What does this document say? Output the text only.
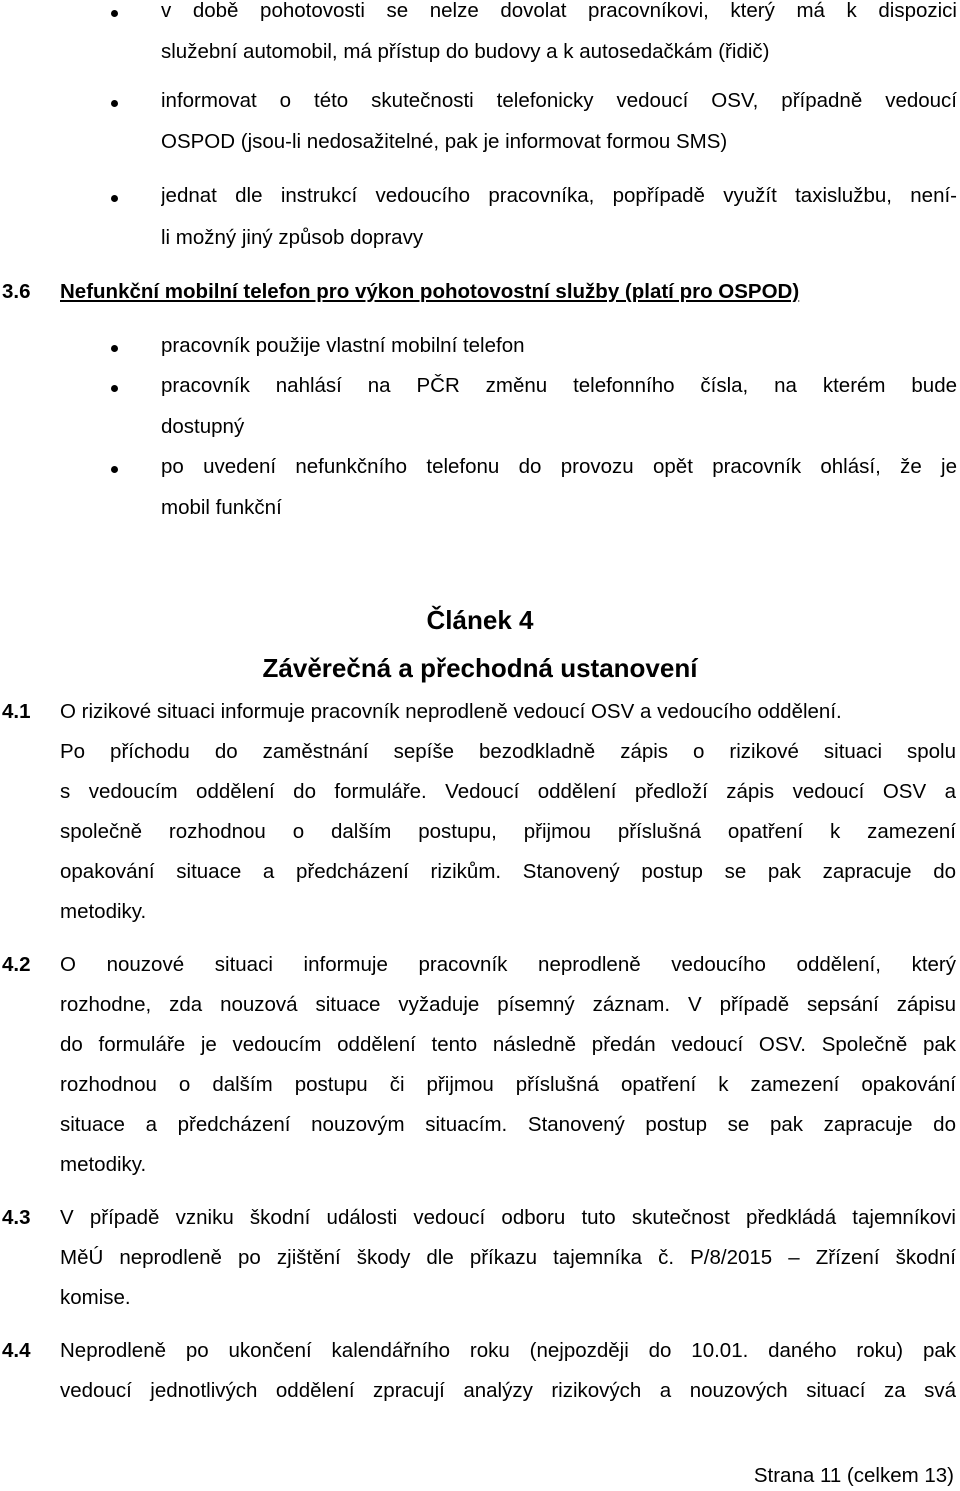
v době pohotovosti se nelze dovolat pracovníkovi, který má k dispozici
služební automobil, má přístup do budovy a k autosedačkám (řidič)
informovat o této skutečnosti telefonicky vedoucí OSV, případně vedoucí
OSPOD (jsou-li nedosažitelné, pak je informovat formou SMS)
jednat dle instrukcí vedoucího pracovníka, popřípadě využít taxislužbu, není-
li možný jiný způsob dopravy
3.6 Nefunkční mobilní telefon pro výkon pohotovostní služby (platí pro OSPOD)
pracovník použije vlastní mobilní telefon
pracovník nahlásí na PČR změnu telefonního čísla, na kterém bude
dostupný
po uvedení nefunkčního telefonu do provozu opět pracovník ohlásí, že je
mobil funkční
Článek 4
Závěrečná a přechodná ustanovení
4.1 O rizikové situaci informuje pracovník neprodleně vedoucí OSV a vedoucího oddělení.
Po příchodu do zaměstnání sepíše bezodkladně zápis o rizikové situaci spolu
s vedoucím oddělení do formuláře. Vedoucí oddělení předloží zápis vedoucí OSV a
společně rozhodnou o dalším postupu, přijmou příslušná opatření k zamezení
opakování situace a předcházení rizikům. Stanovený postup se pak zapracuje do
metodiky.
4.2 O nouzové situaci informuje pracovník neprodleně vedoucího oddělení, který
rozhodne, zda nouzová situace vyžaduje písemný záznam. V případě sepsání zápisu
do formuláře je vedoucím oddělení tento následně předán vedoucí OSV. Společně pak
rozhodnou o dalším postupu či přijmou příslušná opatření k zamezení opakování
situace a předcházení nouzovým situacím. Stanovený postup se pak zapracuje do
metodiky.
4.3 V případě vzniku škodní události vedoucí odboru tuto skutečnost předkládá tajemníkovi
MěÚ neprodleně po zjištění škody dle příkazu tajemníka č. P/8/2015 – Zřízení škodní
komise.
4.4 Neprodleně po ukončení kalendářního roku (nejpozději do 10.01. daného roku) pak
vedoucí jednotlivých oddělení zpracují analýzy rizikových a nouzových situací za svá
Strana 11 (celkem 13)
